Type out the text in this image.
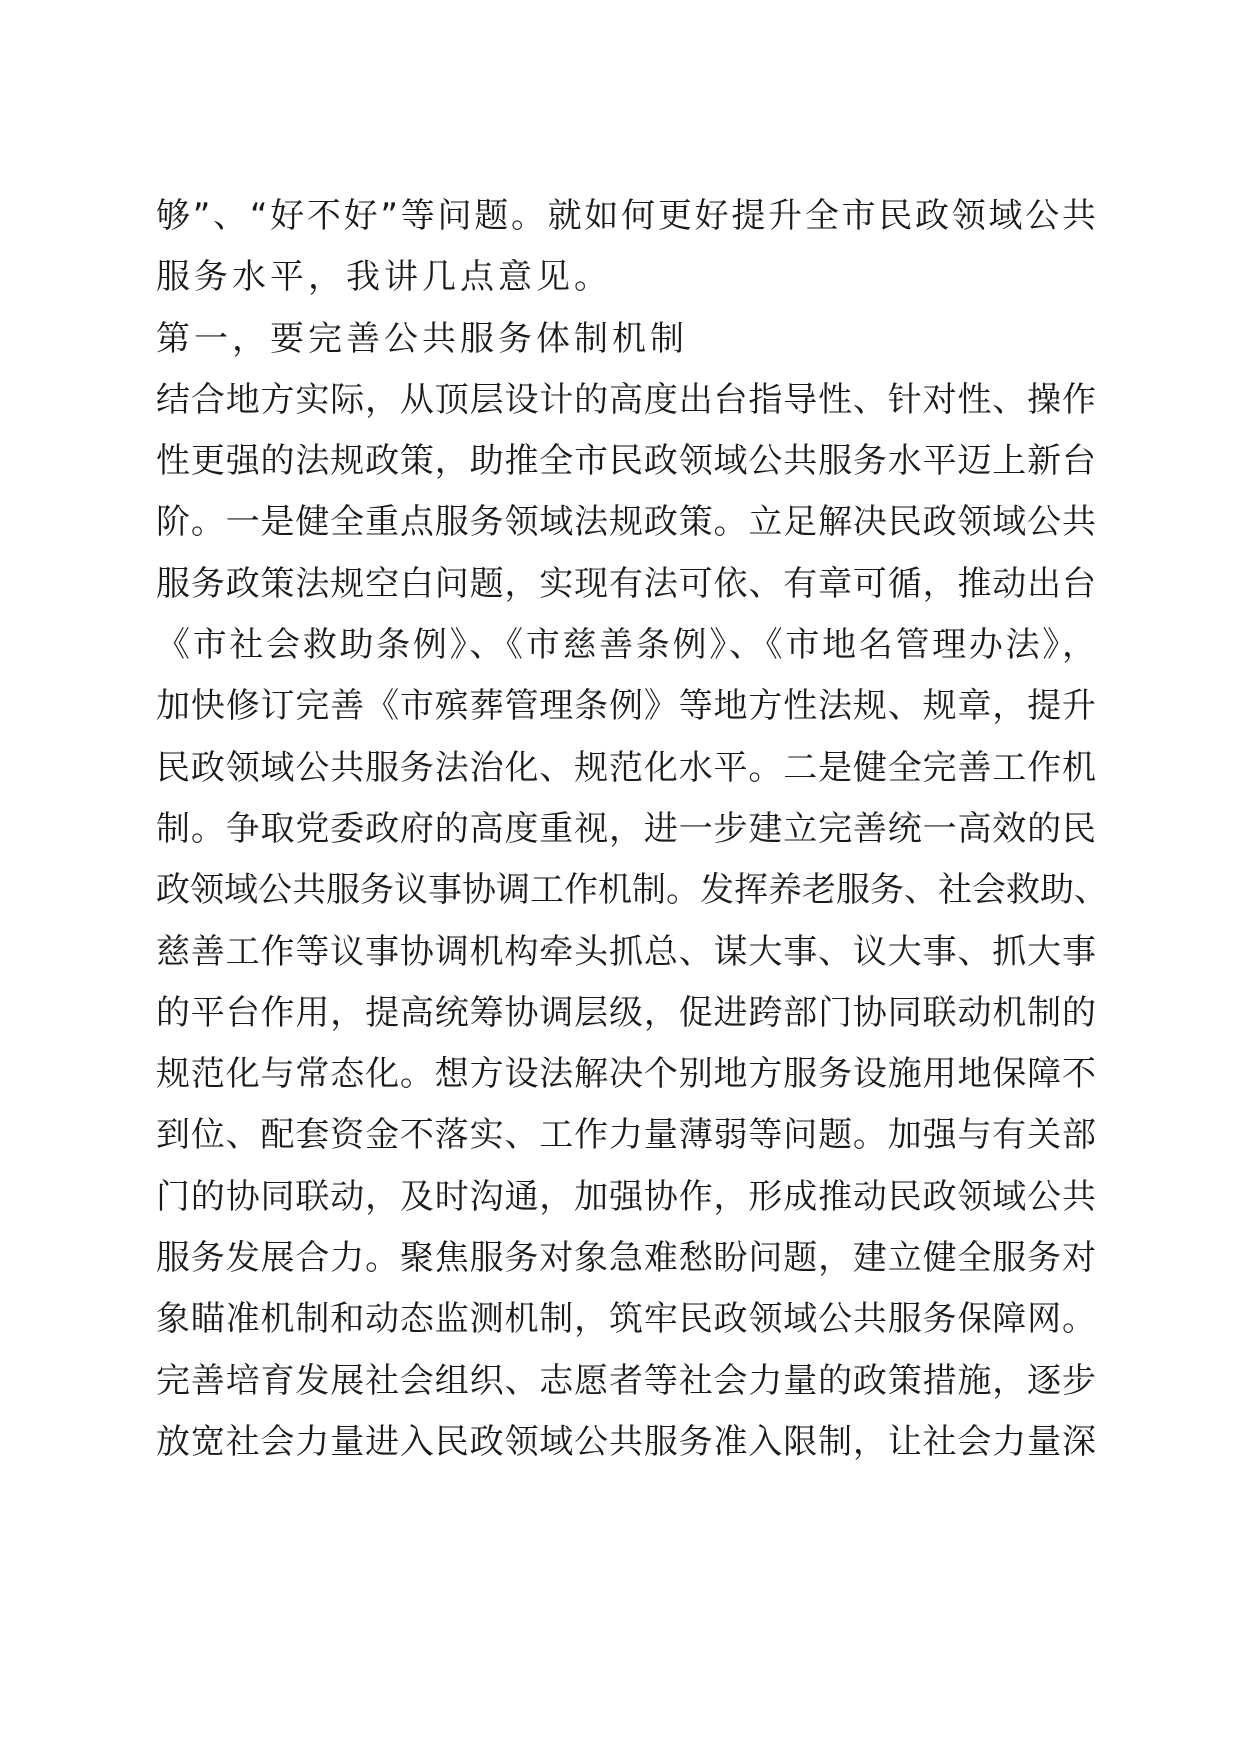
够”、“好不好”等问题。就如何更好提升全市民政领域公共
服务水平，我讲几点意见。
第一，要完善公共服务体制机制
结合地方实际，从顶层设计的高度出台指导性、针对性、操作
性更强的法规政策，助推全市民政领域公共服务水平迈上新台
阶。一是健全重点服务领域法规政策。立足解决民政领域公共
服务政策法规空白问题，实现有法可依、有章可循，推动出台
《市社会救助条例》、《市慈善条例》、《市地名管理办法》，
加快修订完善《市殡葬管理条例》等地方性法规、规章，提升
民政领域公共服务法治化、规范化水平。二是健全完善工作机
制。争取党委政府的高度重视，进一步建立完善统一高效的民
政领域公共服务议事协调工作机制。发挥养老服务、社会救助、
慈善工作等议事协调机构牵头抓总、谋大事、议大事、抓大事
的平台作用，提高统筹协调层级，促进跨部门协同联动机制的
规范化与常态化。想方设法解决个别地方服务设施用地保障不
到位、配套资金不落实、工作力量薄弱等问题。加强与有关部
门的协同联动，及时沟通，加强协作，形成推动民政领域公共
服务发展合力。聚焦服务对象急难愁盼问题，建立健全服务对
象瞄准机制和动态监测机制，筑牢民政领域公共服务保障网。
完善培育发展社会组织、志愿者等社会力量的政策措施，逐步
放宽社会力量进入民政领域公共服务准入限制，让社会力量深
